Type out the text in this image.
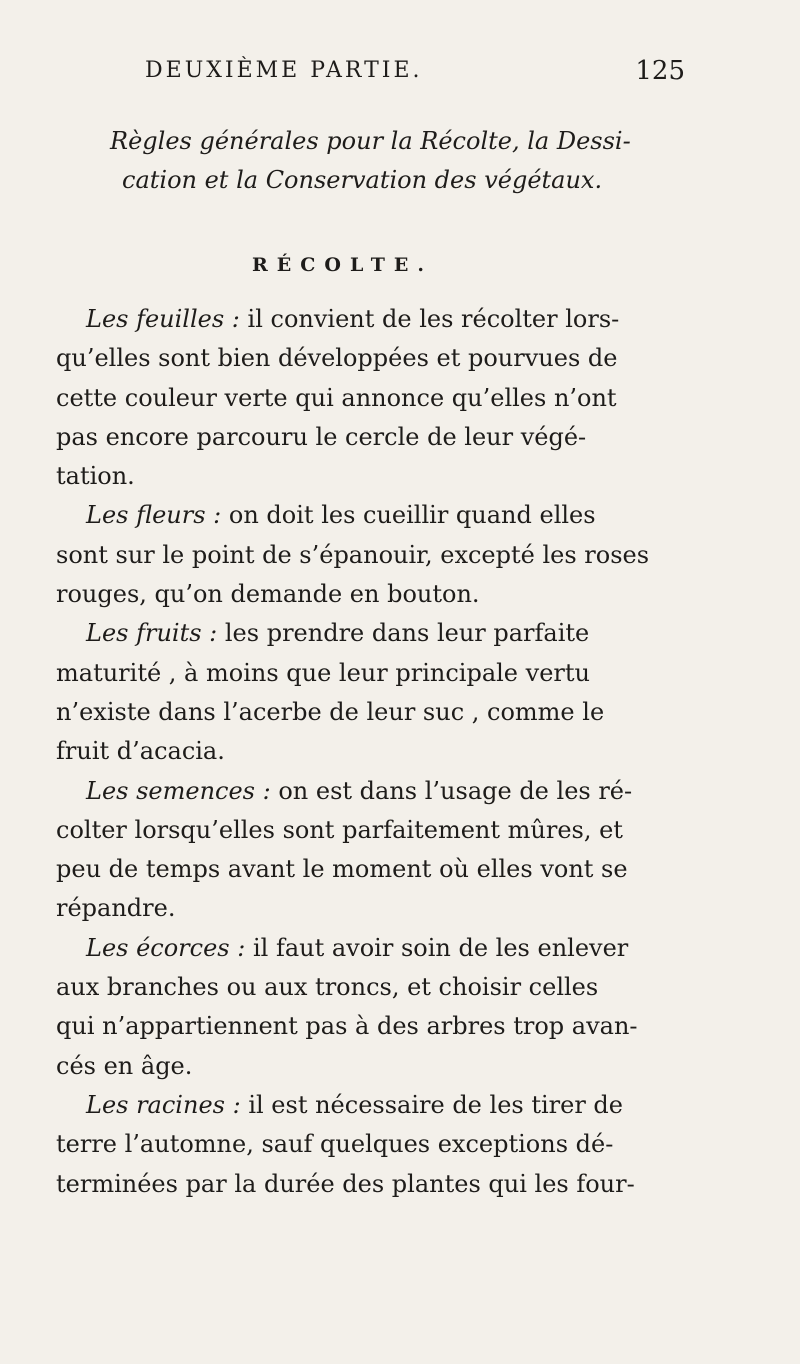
DEUXIÈME PARTIE.	125
Règles générales pour la Récolte, la Dessi-
cation et la Conservation des végétaux.
RÉCOLTE.
Les feuilles : il convient de les récolter lors-
qu’elles sont bien développées et pourvues de
cette couleur verte qui annonce qu’elles n’ont
pas encore parcouru le cercle de leur végé-
tation.
Les fleurs : on doit les cueillir quand elles
sont sur le point de s’épanouir, excepté les roses
rouges, qu’on demande en bouton.
Les fruits : les prendre dans leur parfaite
maturité , à moins que leur principale vertu
n’existe dans l’acerbe de leur suc , comme le
fruit d’acacia.
Les semences : on est dans l’usage de les ré-
colter lorsqu’elles sont parfaitement mûres, et
peu de temps avant le moment où elles vont se
répandre.
Les écorces : il faut avoir soin de les enlever
aux branches ou aux troncs, et choisir celles
qui n’appartiennent pas à des arbres trop avan-
cés en âge.
Les racines : il est nécessaire de les tirer de
terre l’automne, sauf quelques exceptions dé-
terminées par la durée des plantes qui les four-
